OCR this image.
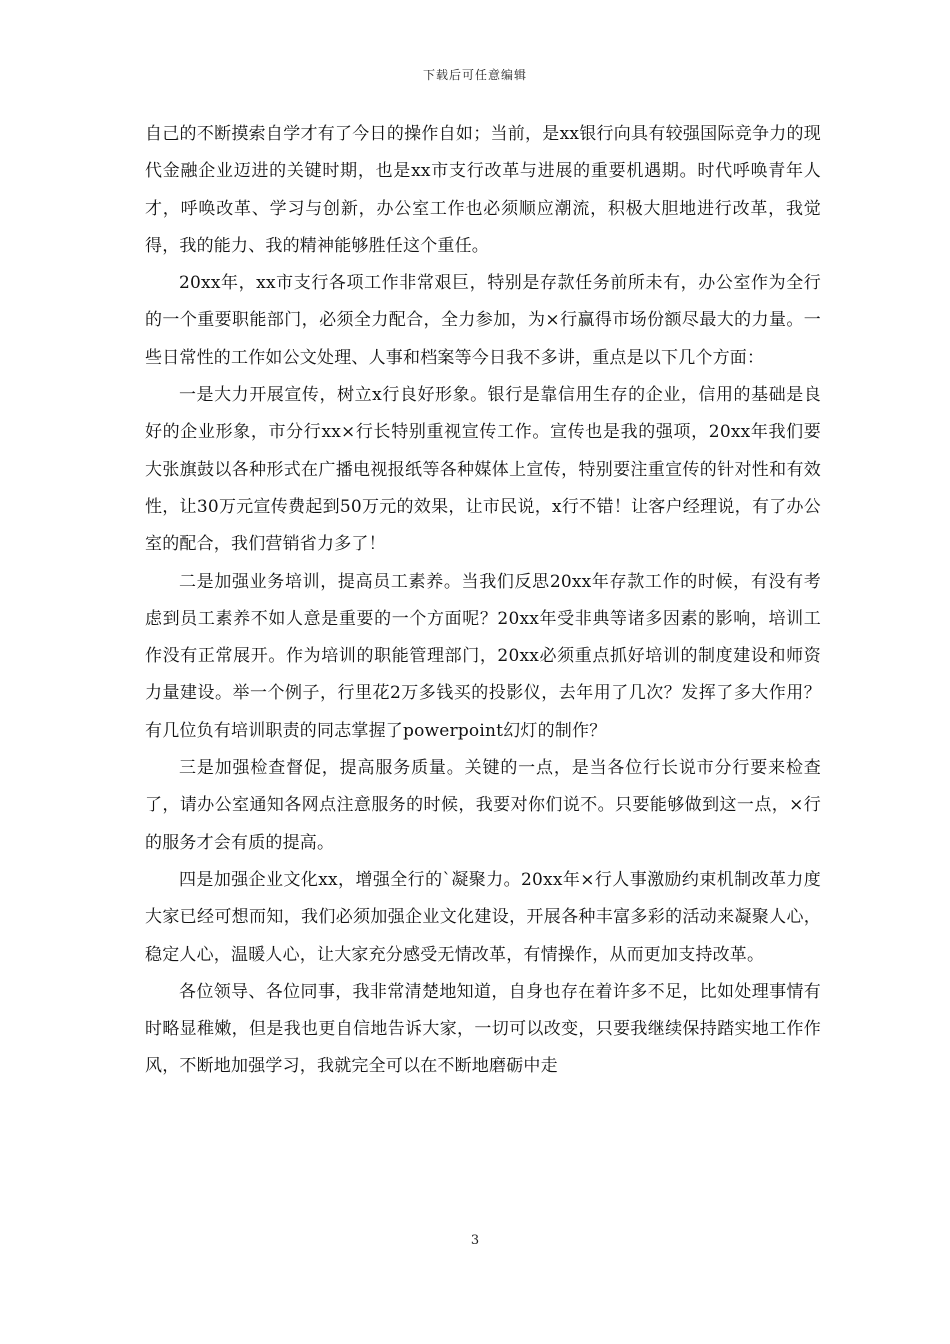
下载后可任意编辑

自己的不断摸索自学才有了今日的操作自如；当前，是xx银行向具有较强国际竞争力的现代金融企业迈进的关键时期，也是xx市支行改革与进展的重要机遇期。时代呼唤青年人才，呼唤改革、学习与创新，办公室工作也必须顺应潮流，积极大胆地进行改革，我觉得，我的能力、我的精神能够胜任这个重任。

20xx年，xx市支行各项工作非常艰巨，特别是存款任务前所未有，办公室作为全行的一个重要职能部门，必须全力配合，全力参加，为×行赢得市场份额尽最大的力量。一些日常性的工作如公文处理、人事和档案等今日我不多讲，重点是以下几个方面：

一是大力开展宣传，树立x行良好形象。银行是靠信用生存的企业，信用的基础是良好的企业形象，市分行xx×行长特别重视宣传工作。宣传也是我的强项，20xx年我们要大张旗鼓以各种形式在广播电视报纸等各种媒体上宣传，特别要注重宣传的针对性和有效性，让30万元宣传费起到50万元的效果，让市民说，x行不错！让客户经理说，有了办公室的配合，我们营销省力多了！

二是加强业务培训，提高员工素养。当我们反思20xx年存款工作的时候，有没有考虑到员工素养不如人意是重要的一个方面呢？20xx年受非典等诸多因素的影响，培训工作没有正常展开。作为培训的职能管理部门，20xx必须重点抓好培训的制度建设和师资力量建设。举一个例子，行里花2万多钱买的投影仪，去年用了几次？发挥了多大作用？有几位负有培训职责的同志掌握了powerpoint幻灯的制作？

三是加强检查督促，提高服务质量。关键的一点，是当各位行长说市分行要来检查了，请办公室通知各网点注意服务的时候，我要对你们说不。只要能够做到这一点，×行的服务才会有质的提高。

四是加强企业文化xx，增强全行的`凝聚力。20xx年×行人事激励约束机制改革力度大家已经可想而知，我们必须加强企业文化建设，开展各种丰富多彩的活动来凝聚人心，稳定人心，温暖人心，让大家充分感受无情改革，有情操作，从而更加支持改革。

各位领导、各位同事，我非常清楚地知道，自身也存在着许多不足，比如处理事情有时略显稚嫩，但是我也更自信地告诉大家，一切可以改变，只要我继续保持踏实地工作作风，不断地加强学习，我就完全可以在不断地磨砺中走

3
